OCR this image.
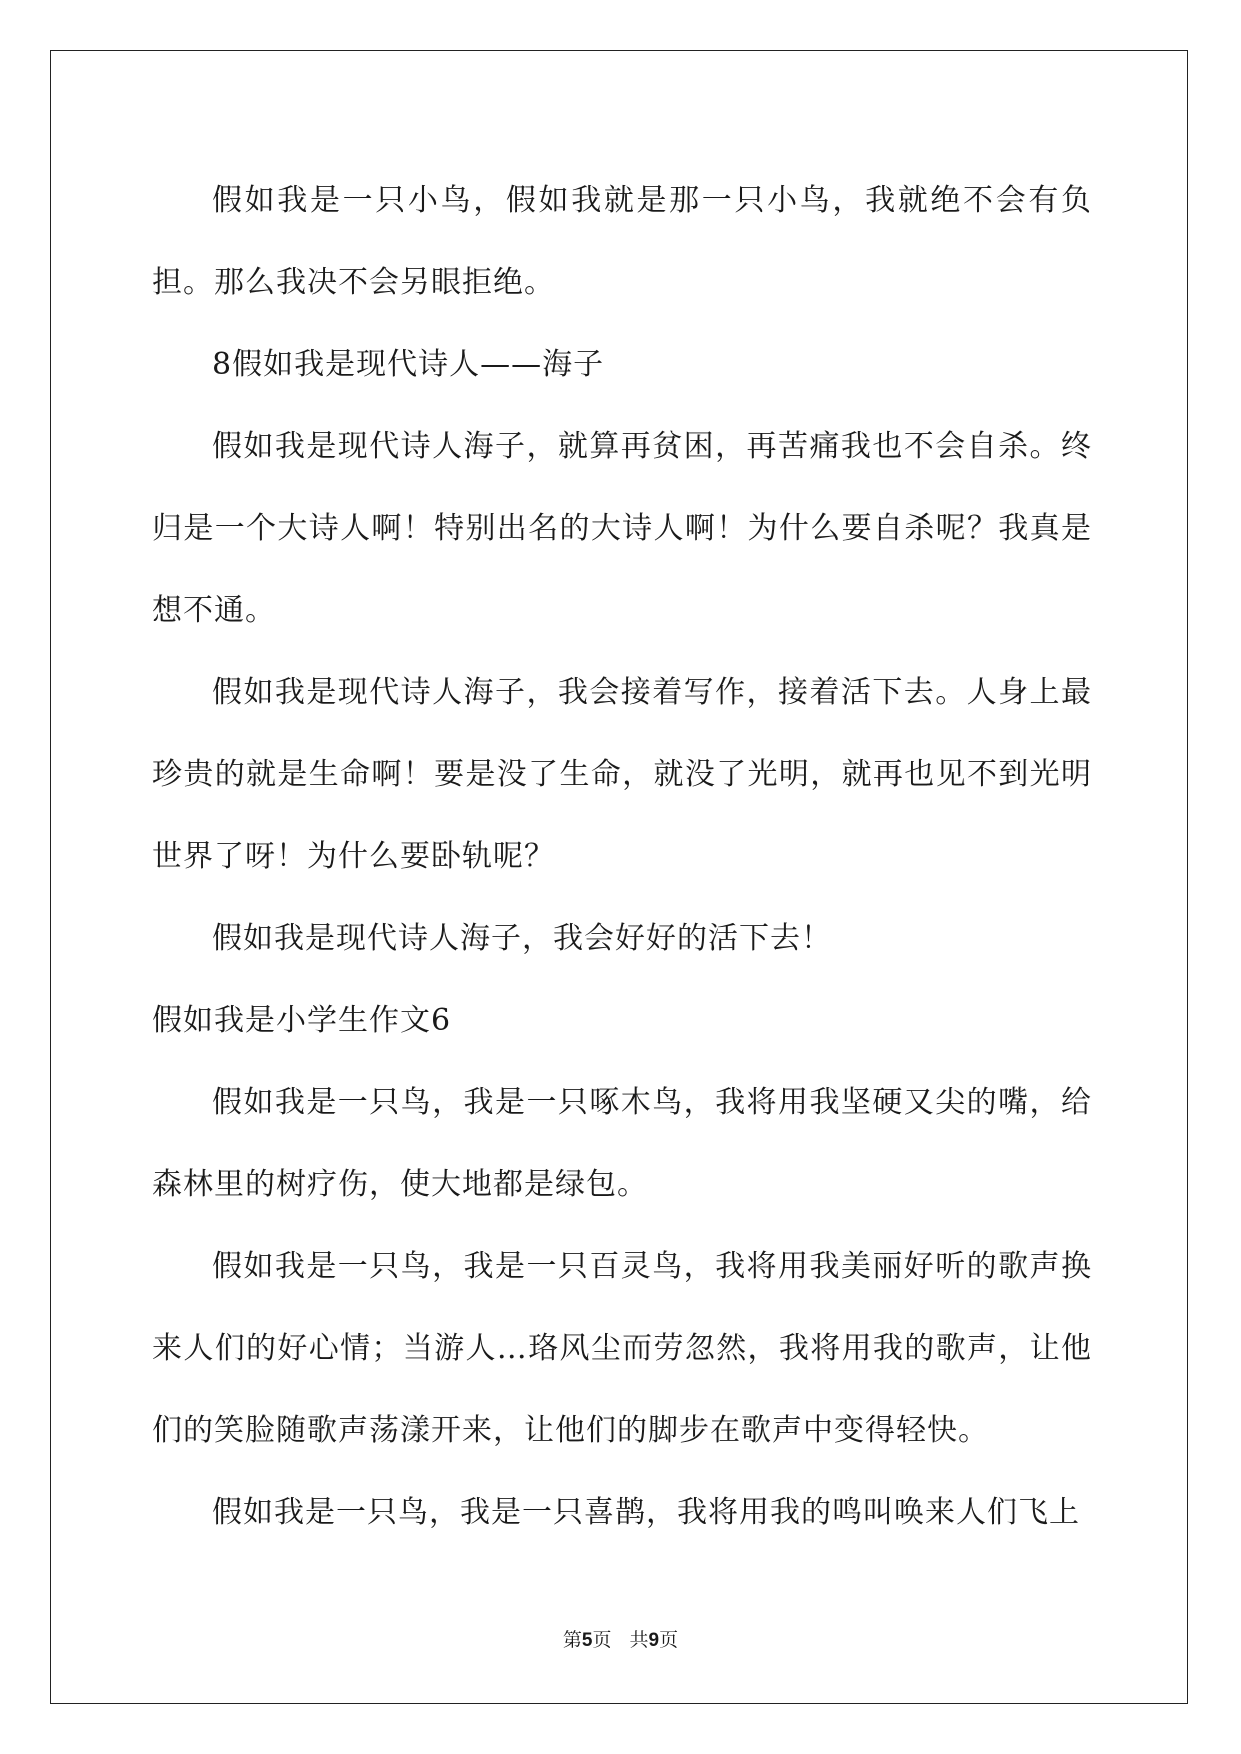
假如我是一只小鸟，假如我就是那一只小鸟，我就绝不会有负担。那么我决不会另眼拒绝。

8假如我是现代诗人——海子

假如我是现代诗人海子，就算再贫困，再苦痛我也不会自杀。终归是一个大诗人啊！特别出名的大诗人啊！为什么要自杀呢？我真是想不通。

假如我是现代诗人海子，我会接着写作，接着活下去。人身上最珍贵的就是生命啊！要是没了生命，就没了光明，就再也见不到光明世界了呀！为什么要卧轨呢？

假如我是现代诗人海子，我会好好的活下去！

假如我是小学生作文6

假如我是一只鸟，我是一只啄木鸟，我将用我坚硬又尖的嘴，给森林里的树疗伤，使大地都是绿包。

假如我是一只鸟，我是一只百灵鸟，我将用我美丽好听的歌声换来人们的好心情；当游人…珞风尘而劳忽然，我将用我的歌声，让他们的笑脸随歌声荡漾开来，让他们的脚步在歌声中变得轻快。

假如我是一只鸟，我是一只喜鹊，我将用我的鸣叫唤来人们飞上

第5页 共9页
